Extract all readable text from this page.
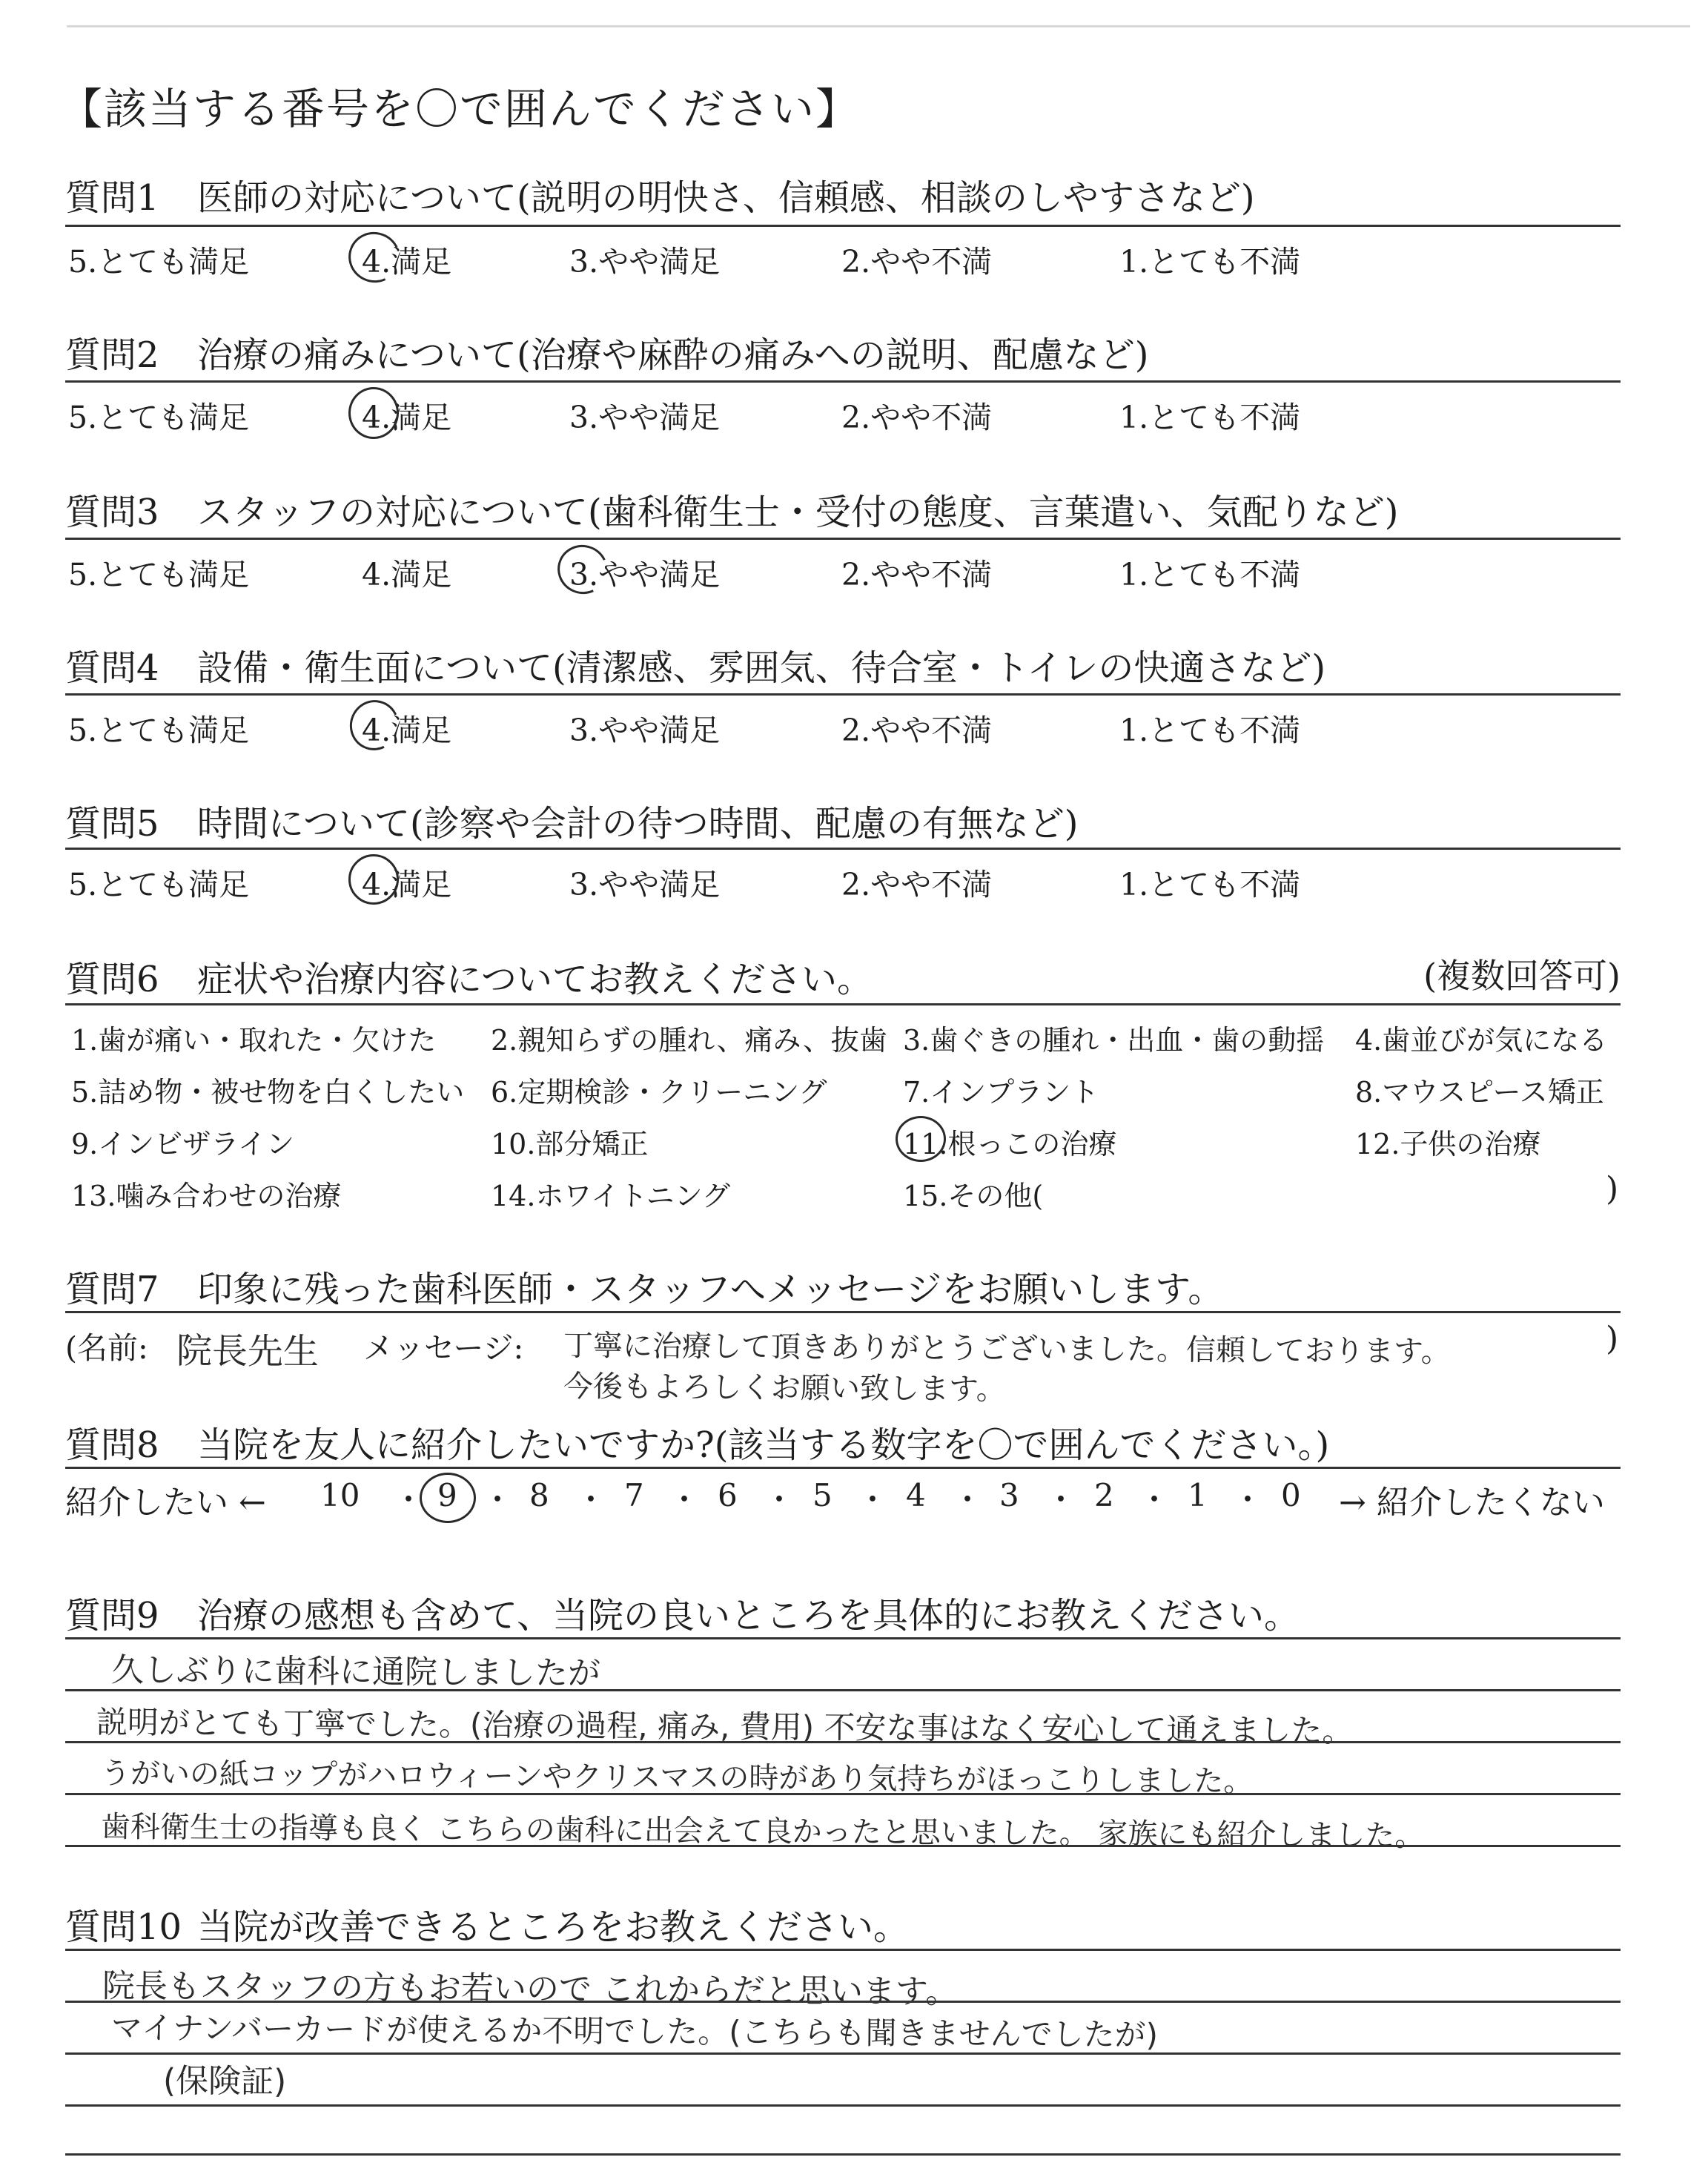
【該当する番号を〇で囲んでください】
質問1 医師の対応について(説明の明快さ、信頼感、相談のしやすさなど)
5.とても満足	4.満足	3.やや満足	2.やや不満	1.とても不満
質問2 治療の痛みについて(治療や麻酔の痛みへの説明、配慮など)
5.とても満足	4.満足	3.やや満足	2.やや不満	1.とても不満
質問3 スタッフの対応について(歯科衛生士・受付の態度、言葉遣い、気配りなど)
5.とても満足	4.満足	3.やや満足	2.やや不満	1.とても不満
質問4 設備・衛生面について(清潔感、雰囲気、待合室・トイレの快適さなど)
5.とても満足	4.満足	3.やや満足	2.やや不満	1.とても不満
質問5 時間について(診察や会計の待つ時間、配慮の有無など)
5.とても満足	4.満足	3.やや満足	2.やや不満	1.とても不満
質問6 症状や治療内容についてお教えください。	(複数回答可)
1.歯が痛い・取れた・欠けた 2.親知らずの腫れ、痛み、抜歯 3.歯ぐきの腫れ・出血・歯の動揺 4.歯並びが気になる
5.詰め物・被せ物を白くしたい 6.定期検診・クリーニング	7.インプラント	8.マウスピース矯正
9.インビザライン	10.部分矯正	11.根っこの治療	12.子供の治療
13.噛み合わせの治療	14.ホワイトニング	15.その他(	)
質問7 印象に残った歯科医師・スタッフへメッセージをお願いします。
(名前: 院長先生 メッセージ: 丁寧に治療して頂きありがとうございました。信頼しております。
今後もよろしくお願い致します。
)
質問8 当院を友人に紹介したいですか?(該当する数字を〇で囲んでください。)
紹介したい ← 10 ・ 9 ・ 8 ・ 7 ・ 6 ・ 5 ・ 4 ・ 3 ・ 2 ・ 1 ・ 0 → 紹介したくない
質問9 治療の感想も含めて、当院の良いところを具体的にお教えください。
久しぶりに歯科に通院しましたが
説明がとても丁寧でした。(治療の過程, 痛み, 費用) 不安な事はなく安心して通えました。
うがいの紙コップがハロウィーンやクリスマスの時があり気持ちがほっこりしました。
歯科衛生士の指導も良く こちらの歯科に出会えて良かったと思いました。 家族にも紹介しました。
質問10 当院が改善できるところをお教えください。
院長もスタッフの方もお若いので これからだと思います。
マイナンバーカードが使えるか不明でした。(こちらも聞きませんでしたが)
(保険証)
